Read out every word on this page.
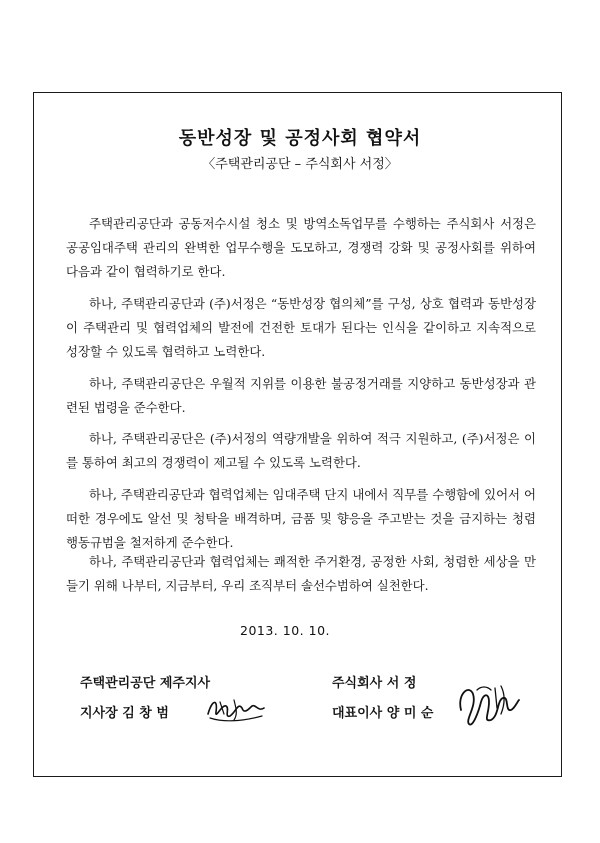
동반성장 및 공정사회 협약서
〈주택관리공단 – 주식회사 서정〉

주택관리공단과 공동저수시설 청소 및 방역소독업무를 수행하는 주식회사 서정은 공공임대주택 관리의 완벽한 업무수행을 도모하고, 경쟁력 강화 및 공정사회를 위하여 다음과 같이 협력하기로 한다.

하나, 주택관리공단과 (주)서정은 “동반성장 협의체”를 구성, 상호 협력과 동반성장이 주택관리 및 협력업체의 발전에 건전한 토대가 된다는 인식을 같이하고 지속적으로 성장할 수 있도록 협력하고 노력한다.

하나, 주택관리공단은 우월적 지위를 이용한 불공정거래를 지양하고 동반성장과 관련된 법령을 준수한다.

하나, 주택관리공단은 (주)서정의 역량개발을 위하여 적극 지원하고, (주)서정은 이를 통하여 최고의 경쟁력이 제고될 수 있도록 노력한다.

하나, 주택관리공단과 협력업체는 임대주택 단지 내에서 직무를 수행함에 있어서 어떠한 경우에도 알선 및 청탁을 배격하며, 금품 및 향응을 주고받는 것을 금지하는 청렴 행동규범을 철저하게 준수한다.

하나, 주택관리공단과 협력업체는 쾌적한 주거환경, 공정한 사회, 청렴한 세상을 만들기 위해 나부터, 지금부터, 우리 조직부터 솔선수범하여 실천한다.

2013. 10. 10.
주택관리공단 제주지사
지사장 김 창 범
주식회사 서 정
대표이사 양 미 순
